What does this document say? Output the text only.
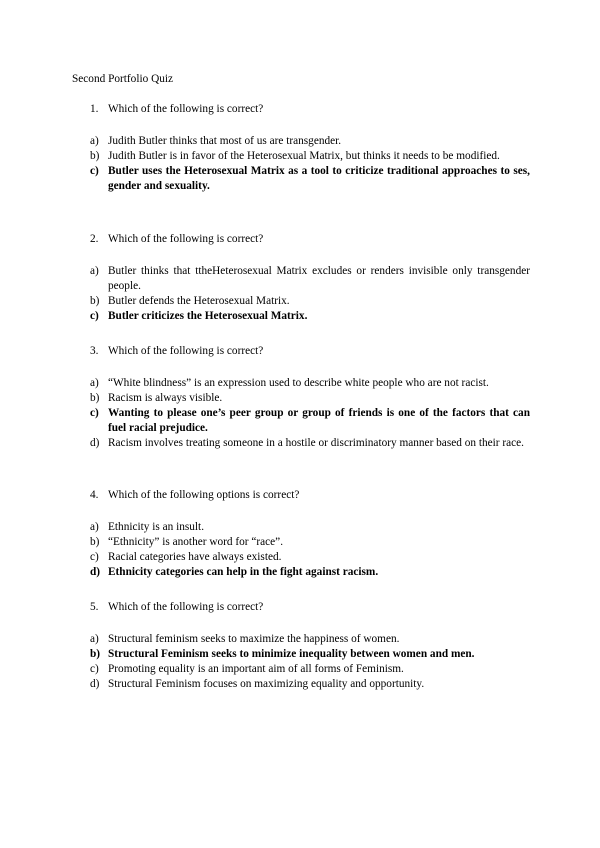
Second Portfolio Quiz

1. Which of the following is correct?

a) Judith Butler thinks that most of us are transgender.
b) Judith Butler is in favor of the Heterosexual Matrix, but thinks it needs to be modified.
c) Butler uses the Heterosexual Matrix as a tool to criticize traditional approaches to ses, gender and sexuality.

2. Which of the following is correct?

a) Butler thinks that ttheHeterosexual Matrix excludes or renders invisible only transgender people.
b) Butler defends the Heterosexual Matrix.
c) Butler criticizes the Heterosexual Matrix.

3. Which of the following is correct?

a) “White blindness” is an expression used to describe white people who are not racist.
b) Racism is always visible.
c) Wanting to please one’s peer group or group of friends is one of the factors that can fuel racial prejudice.
d) Racism involves treating someone in a hostile or discriminatory manner based on their race.

4. Which of the following options is correct?

a) Ethnicity is an insult.
b) “Ethnicity” is another word for “race”.
c) Racial categories have always existed.
d) Ethnicity categories can help in the fight against racism.

5. Which of the following is correct?

a) Structural feminism seeks to maximize the happiness of women.
b) Structural Feminism seeks to minimize inequality between women and men.
c) Promoting equality is an important aim of all forms of Feminism.
d) Structural Feminism focuses on maximizing equality and opportunity.
